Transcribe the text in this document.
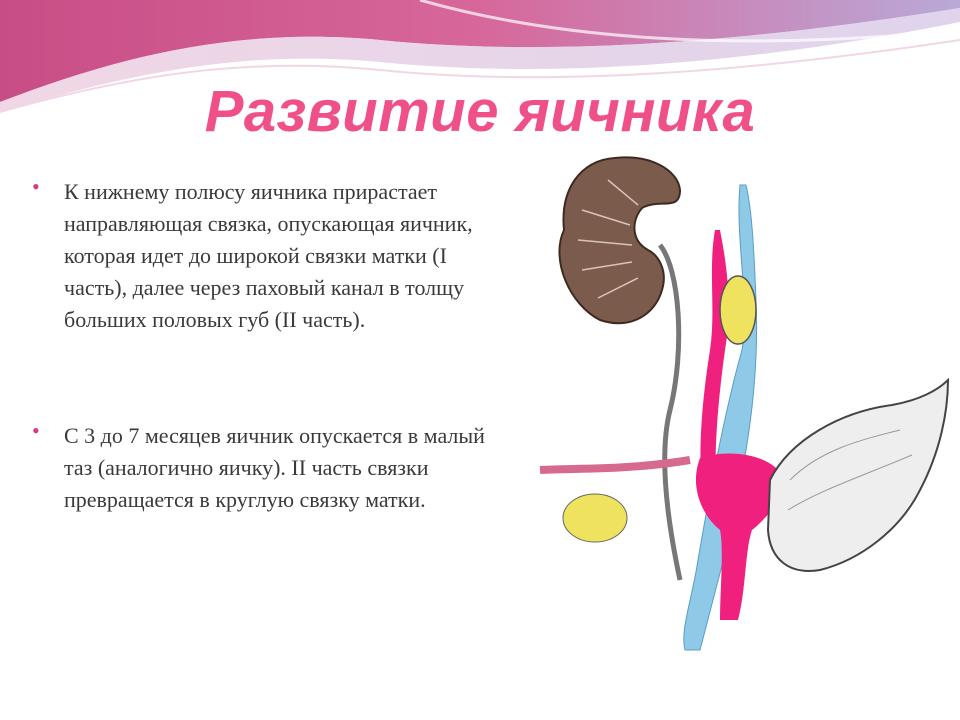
Развитие яичника
• К нижнему полюсу яичника прирастает направляющая связка, опускающая яичник, которая идет до широкой связки матки (I часть), далее через паховый канал в толщу больших половых губ (II часть).
• С 3 до 7 месяцев яичник опускается в малый таз (аналогично яичку). II часть связки превращается в круглую связку матки.
